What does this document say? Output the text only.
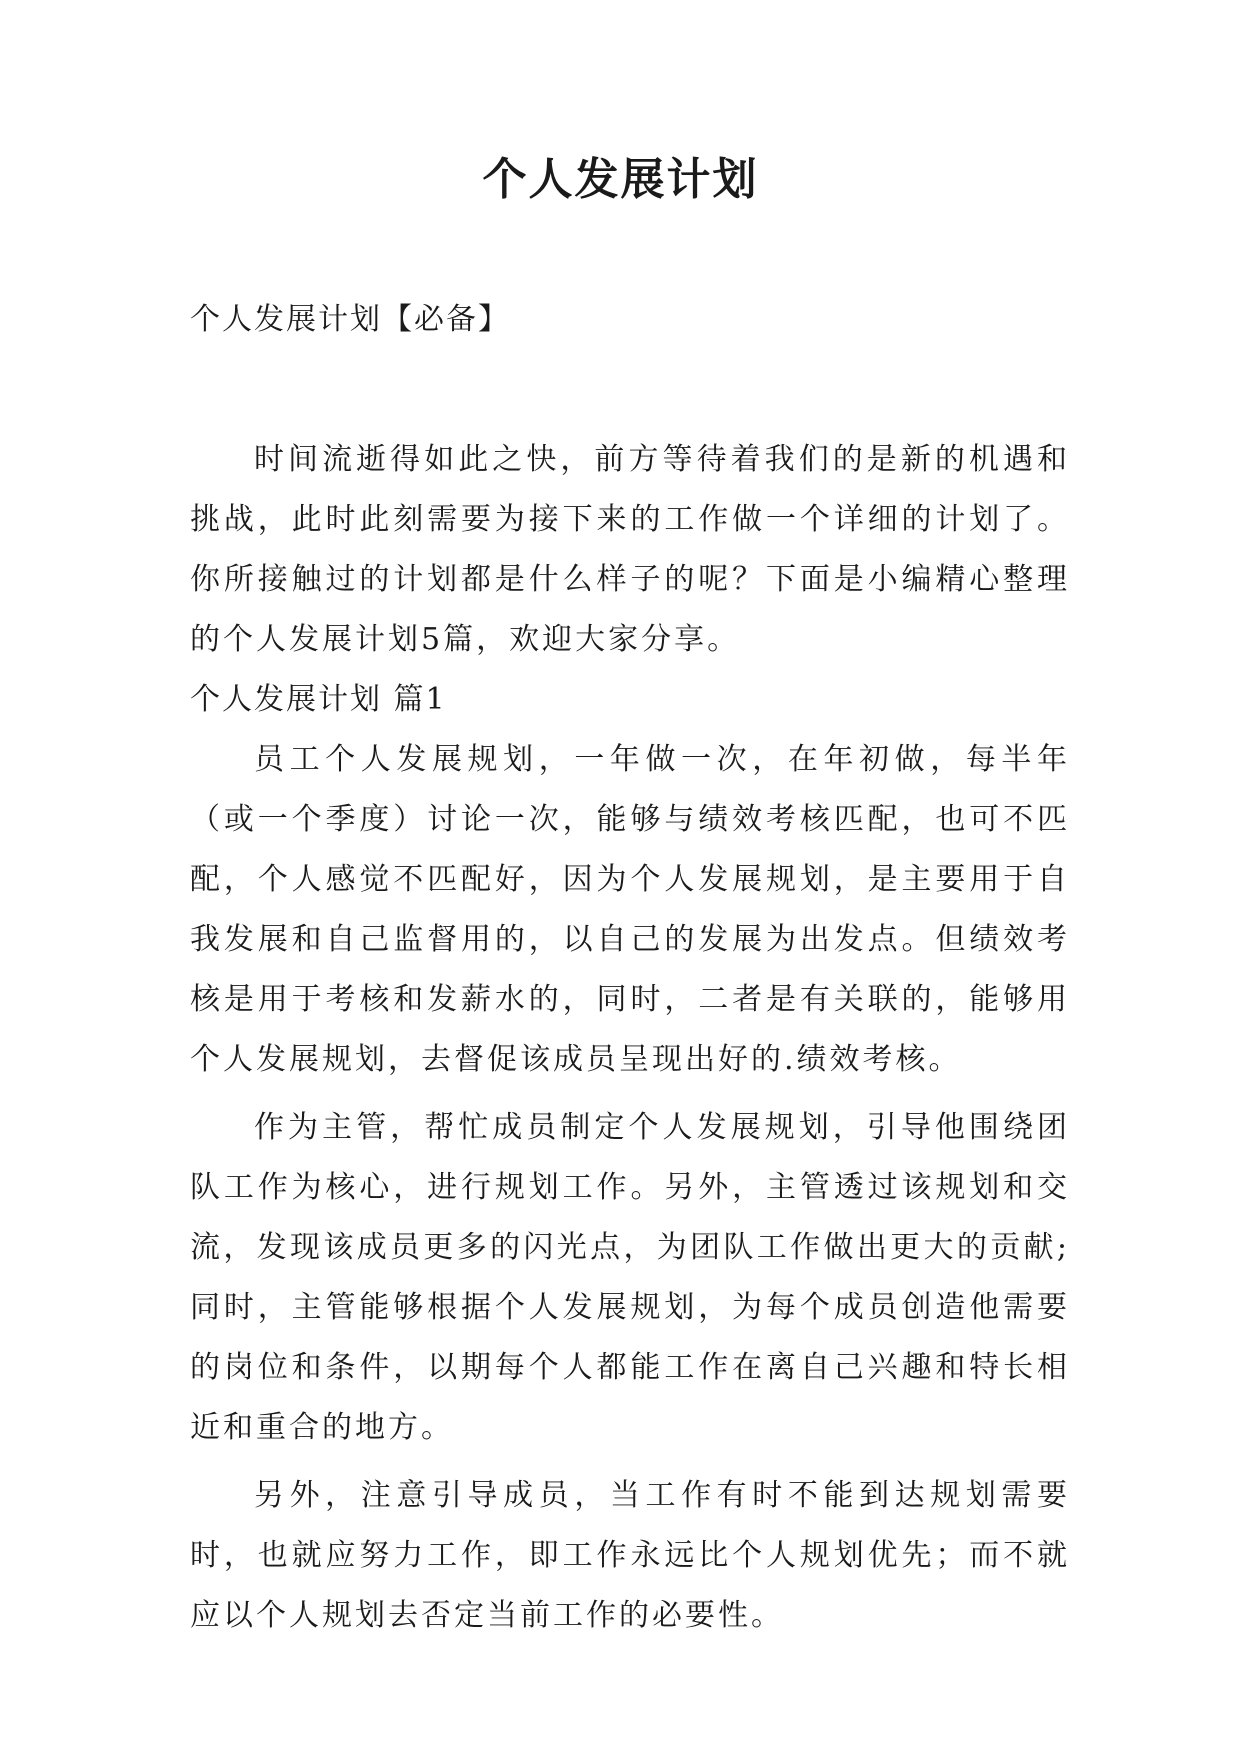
个人发展计划

个人发展计划【必备】

时间流逝得如此之快，前方等待着我们的是新的机遇和挑战，此时此刻需要为接下来的工作做一个详细的计划了。你所接触过的计划都是什么样子的呢？下面是小编精心整理的个人发展计划5篇，欢迎大家分享。

个人发展计划 篇1

员工个人发展规划，一年做一次，在年初做，每半年（或一个季度）讨论一次，能够与绩效考核匹配，也可不匹配，个人感觉不匹配好，因为个人发展规划，是主要用于自我发展和自己监督用的，以自己的发展为出发点。但绩效考核是用于考核和发薪水的，同时，二者是有关联的，能够用个人发展规划，去督促该成员呈现出好的.绩效考核。

作为主管，帮忙成员制定个人发展规划，引导他围绕团队工作为核心，进行规划工作。另外，主管透过该规划和交流，发现该成员更多的闪光点，为团队工作做出更大的贡献;同时，主管能够根据个人发展规划，为每个成员创造他需要的岗位和条件，以期每个人都能工作在离自己兴趣和特长相近和重合的地方。

另外，注意引导成员，当工作有时不能到达规划需要时，也就应努力工作，即工作永远比个人规划优先；而不就应以个人规划去否定当前工作的必要性。
